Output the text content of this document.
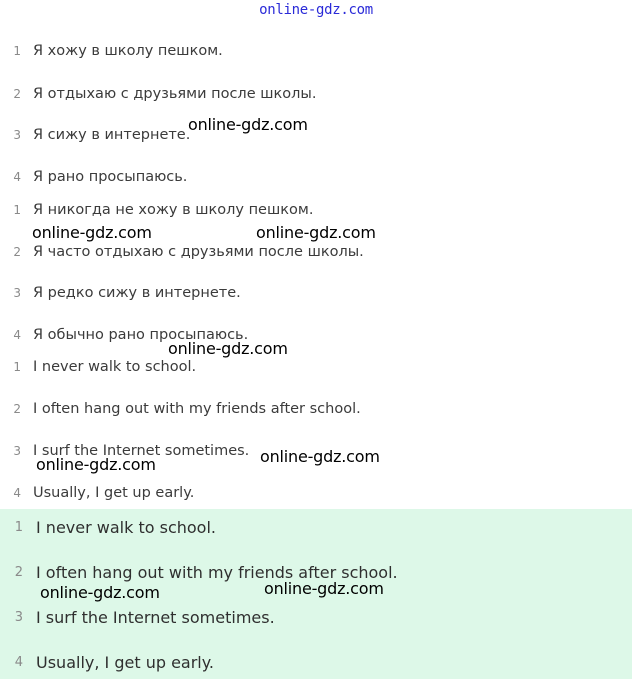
online-gdz.com
1 Я хожу в школу пешком.
2 Я отдыхаю с друзьями после школы.
3 Я сижу в интернете.
4 Я рано просыпаюсь.
1 Я никогда не хожу в школу пешком.
2 Я часто отдыхаю с друзьями после школы.
3 Я редко сижу в интернете.
4 Я обычно рано просыпаюсь.
1 I never walk to school.
2 I often hang out with my friends after school.
3 I surf the Internet sometimes.
4 Usually, I get up early.
1 I never walk to school.
2 I often hang out with my friends after school.
3 I surf the Internet sometimes.
4 Usually, I get up early.
online-gdz.com
online-gdz.com	online-gdz.com
online-gdz.com
online-gdz.com
online-gdz.com
online-gdz.com	online-gdz.com
